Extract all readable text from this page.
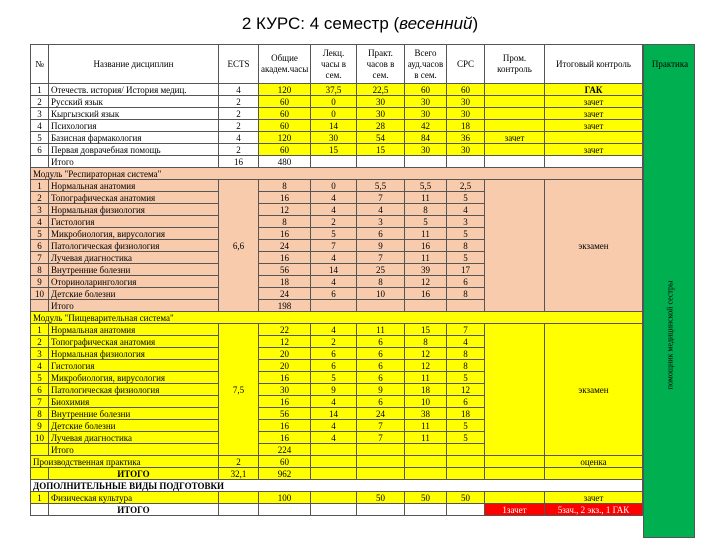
2 КУРС: 4 семестр (весенний)
№	Название дисциплин	ECTS	Общие академ.часы	Лекц. часы в сем.	Практ. часов в сем.	Всего ауд.часов в сем.	СРС	Пром. контроль	Итоговый контроль
1	Отечеств. история/ История медиц.	4	120	37,5	22,5	60	60		ГАК
2	Русский язык	2	60	0	30	30	30		зачет
3	Кыргызский язык	2	60	0	30	30	30		зачет
4	Психология	2	60	14	28	42	18		зачет
5	Базисная фармакология	4	120	30	54	84	36	зачет	
6	Первая доврачебная помощь	2	60	15	15	30	30		зачет
	Итого	16	480						
Модуль "Респираторная система"									
1	Нормальная анатомия	6,6	8	0	5,5	5,5	2,5		экзамен
2	Топографическая анатомия		16	4	7	11	5		
3	Нормальная физиология		12	4	4	8	4		
4	Гистология		8	2	3	5	3		
5	Микробиология, вирусология		16	5	6	11	5		
6	Патологическая физиология		24	7	9	16	8		
7	Лучевая диагностика		16	4	7	11	5		
8	Внутренние болезни		56	14	25	39	17		
9	Оториноларингология		18	4	8	12	6		
10	Детские болезни		24	6	10	16	8		
	Итого		198						
Модуль "Пищеварительная система"									
1	Нормальная анатомия	7,5	22	4	11	15	7		экзамен
2	Топографическая анатомия		12	2	6	8	4		
3	Нормальная физиология		20	6	6	12	8		
4	Гистология		20	6	6	12	8		
5	Микробиология, вирусология		16	5	6	11	5		
6	Патологическая физиология		30	9	9	18	12		
7	Биохимия		16	4	6	10	6		
8	Внутренние болезни		56	14	24	38	18		
9	Детские болезни		16	4	7	11	5		
10	Лучевая диагностика		16	4	7	11	5		
	Итого		224						
Производственная практика		2	60						оценка
	ИТОГО	32,1	962						
ДОПОЛНИТЕЛЬНЫЕ ВИДЫ ПОДГОТОВКИ									
1	Физическая культура		100		50	50	50		зачет
	ИТОГО							1зачет	5зач., 2 экз., 1 ГАК
Практика
помощник медицинской сестры
